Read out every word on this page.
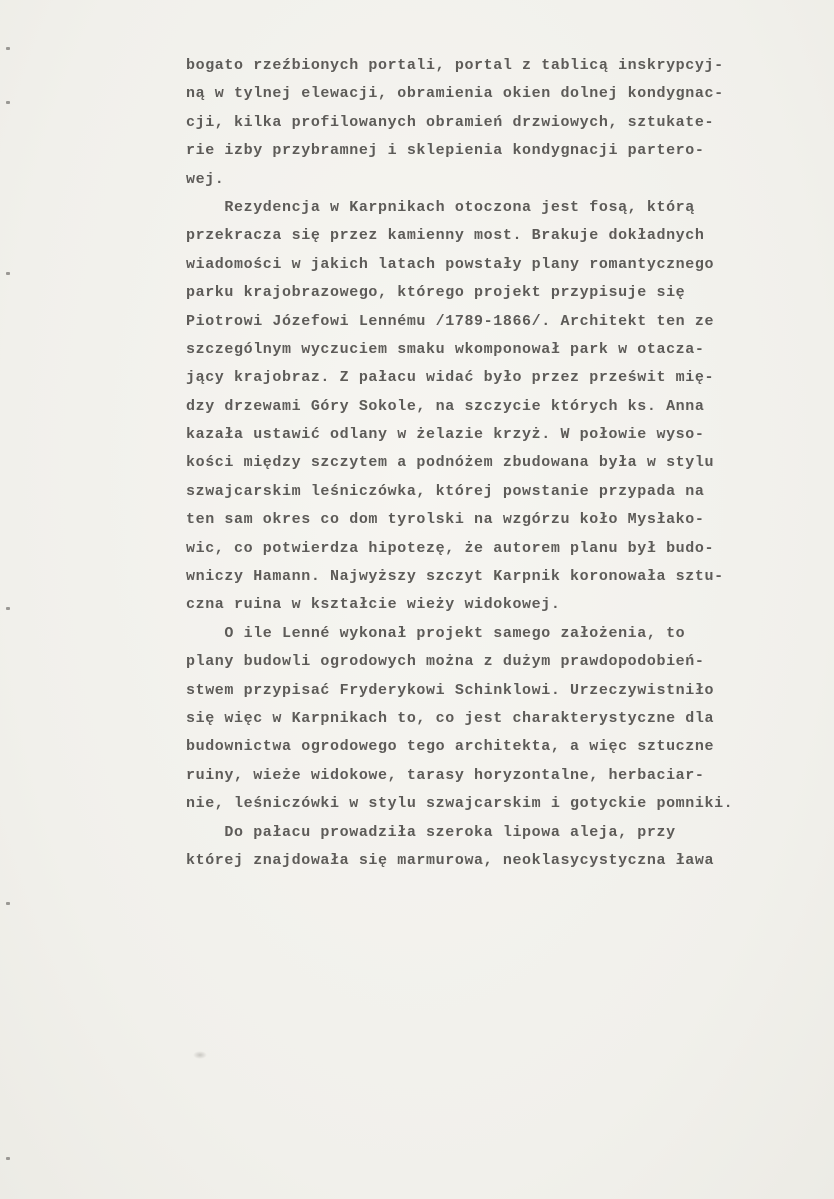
bogato rzeźbionych portali, portal z tablicą inskrypcyj-
ną w tylnej elewacji, obramienia okien dolnej kondygnac-
cji, kilka profilowanych obramień drzwiowych, sztukate-
rie izby przybramnej i sklepienia kondygnacji partero-
wej.
Rezydencja w Karpnikach otoczona jest fosą, którą
przekracza się przez kamienny most. Brakuje dokładnych
wiadomości w jakich latach powstały plany romantycznego
parku krajobrazowego, którego projekt przypisuje się
Piotrowi Józefowi Lennému /1789-1866/. Architekt ten ze
szczególnym wyczuciem smaku wkomponował park w otacza-
jący krajobraz. Z pałacu widać było przez prześwit mię-
dzy drzewami Góry Sokole, na szczycie których ks. Anna
kazała ustawić odlany w żelazie krzyż. W połowie wyso-
kości między szczytem a podnóżem zbudowana była w stylu
szwajcarskim leśniczówka, której powstanie przypada na
ten sam okres co dom tyrolski na wzgórzu koło Mysłako-
wic, co potwierdza hipotezę, że autorem planu był budo-
wniczy Hamann. Najwyższy szczyt Karpnik koronowała sztu-
czna ruina w kształcie wieży widokowej.
O ile Lenné wykonał projekt samego założenia, to
plany budowli ogrodowych można z dużym prawdopodobień-
stwem przypisać Fryderykowi Schinklowi. Urzeczywistniło
się więc w Karpnikach to, co jest charakterystyczne dla
budownictwa ogrodowego tego architekta, a więc sztuczne
ruiny, wieże widokowe, tarasy horyzontalne, herbaciar-
nie, leśniczówki w stylu szwajcarskim i gotyckie pomniki.
Do pałacu prowadziła szeroka lipowa aleja, przy
której znajdowała się marmurowa, neoklasycystyczna ława
